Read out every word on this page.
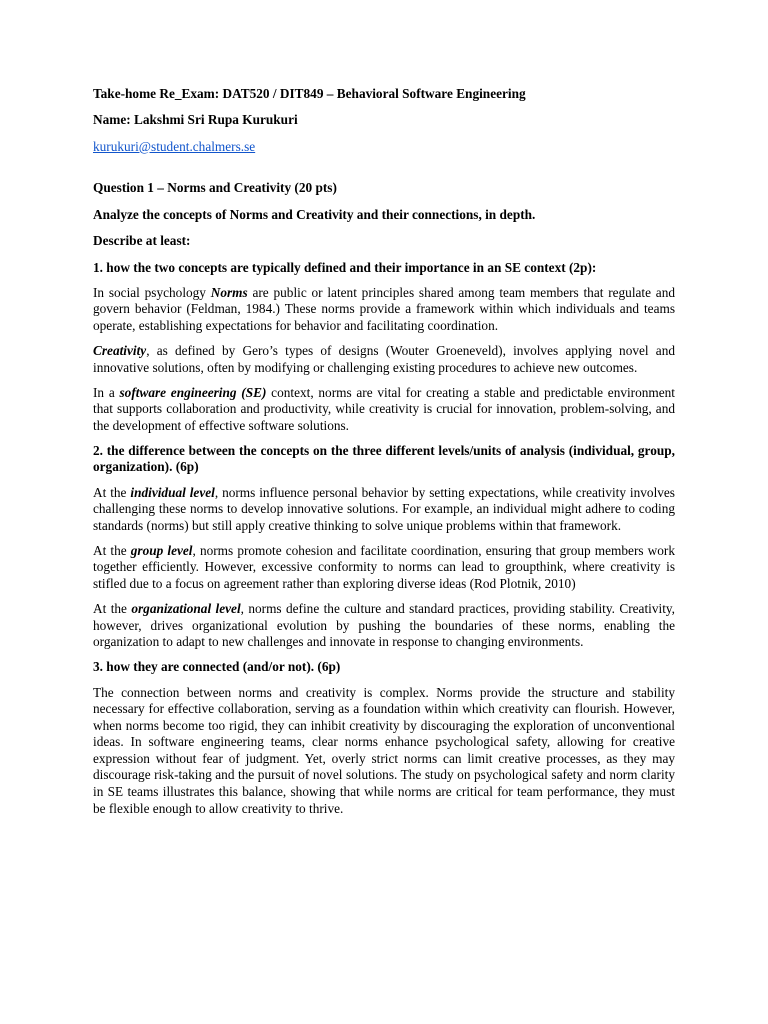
Take-home Re_Exam: DAT520 / DIT849 – Behavioral Software Engineering
Name: Lakshmi Sri Rupa Kurukuri
kurukuri@student.chalmers.se
Question 1 – Norms and Creativity (20 pts)
Analyze the concepts of Norms and Creativity and their connections, in depth.
Describe at least:
1. how the two concepts are typically defined and their importance in an SE context (2p):

In social psychology Norms are public or latent principles shared among team members that regulate and govern behavior (Feldman, 1984.) These norms provide a framework within which individuals and teams operate, establishing expectations for behavior and facilitating coordination.

Creativity, as defined by Gero’s types of designs (Wouter Groeneveld), involves applying novel and innovative solutions, often by modifying or challenging existing procedures to achieve new outcomes.

In a software engineering (SE) context, norms are vital for creating a stable and predictable environment that supports collaboration and productivity, while creativity is crucial for innovation, problem-solving, and the development of effective software solutions.

2. the difference between the concepts on the three different levels/units of analysis (individual, group, organization). (6p)

At the individual level, norms influence personal behavior by setting expectations, while creativity involves challenging these norms to develop innovative solutions. For example, an individual might adhere to coding standards (norms) but still apply creative thinking to solve unique problems within that framework.

At the group level, norms promote cohesion and facilitate coordination, ensuring that group members work together efficiently. However, excessive conformity to norms can lead to groupthink, where creativity is stifled due to a focus on agreement rather than exploring diverse ideas (Rod Plotnik, 2010)

At the organizational level, norms define the culture and standard practices, providing stability. Creativity, however, drives organizational evolution by pushing the boundaries of these norms, enabling the organization to adapt to new challenges and innovate in response to changing environments.

3. how they are connected (and/or not). (6p)

The connection between norms and creativity is complex. Norms provide the structure and stability necessary for effective collaboration, serving as a foundation within which creativity can flourish. However, when norms become too rigid, they can inhibit creativity by discouraging the exploration of unconventional ideas. In software engineering teams, clear norms enhance psychological safety, allowing for creative expression without fear of judgment. Yet, overly strict norms can limit creative processes, as they may discourage risk-taking and the pursuit of novel solutions. The study on psychological safety and norm clarity in SE teams illustrates this balance, showing that while norms are critical for team performance, they must be flexible enough to allow creativity to thrive.
